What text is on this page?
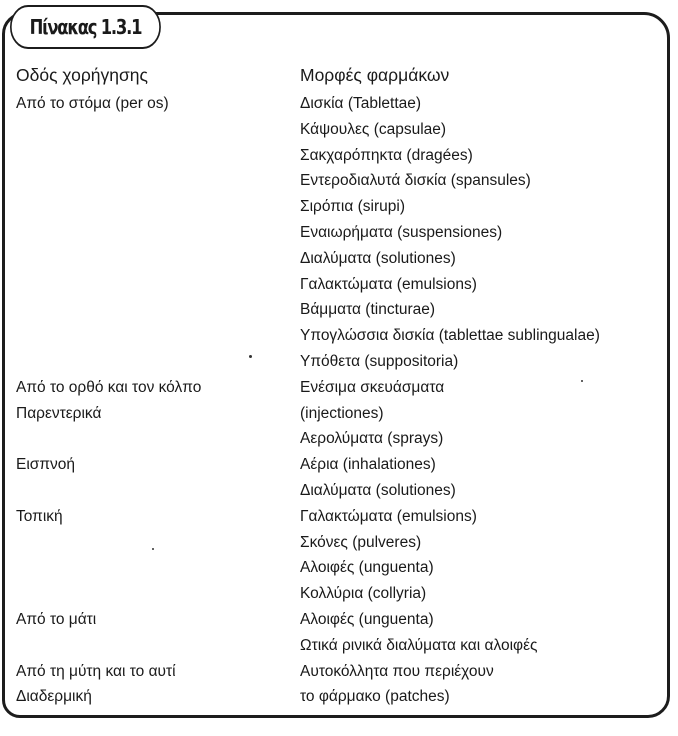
Πίνακας 1.3.1
Οδός χορήγησης	Μορφές φαρμάκων
Από το στόμα (per os)
Από το ορθό και τον κόλπο
Παρεντερικά
Εισπνοή
Τοπική
Από το μάτι
Από τη μύτη και το αυτί
Διαδερμική
Δισκία (Tablettae)
Κάψουλες (capsulae)
Σακχαρόπηκτα (dragées)
Εντεροδιαλυτά δισκία (spansules)
Σιρόπια (sirupi)
Εναιωρήματα (suspensiones)
Διαλύματα (solutiones)
Γαλακτώματα (emulsions)
Βάμματα (tincturae)
Υπογλώσσια δισκία (tablettae sublingualae)
Υπόθετα (suppositoria)
Ενέσιμα σκευάσματα
(injectiones)
Αερολύματα (sprays)
Αέρια (inhalationes)
Διαλύματα (solutiones)
Γαλακτώματα (emulsions)
Σκόνες (pulveres)
Αλοιφές (unguenta)
Κολλύρια (collyria)
Αλοιφές (unguenta)
Ωτικά ρινικά διαλύματα και αλοιφές
Αυτοκόλλητα που περιέχουν
το φάρμακο (patches)
